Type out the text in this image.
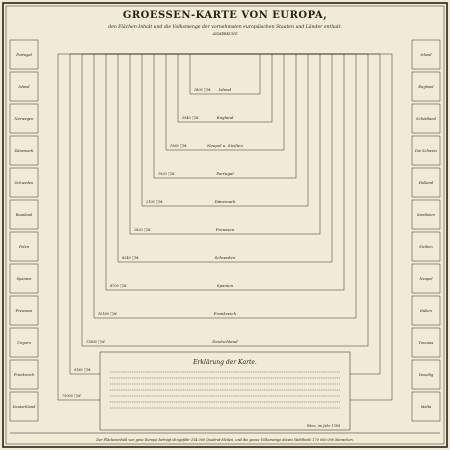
GROESSEN-KARTE VON EUROPA,
den Flächen-Inhalt und die Volksmenge der vornehmsten europäischen Staaten und Länder enthalt.
ANMERKUNG
Island
1800 □M.
England
3940 □M.
Neapel u. Sicilien
1960 □M.
Portugal
1920 □M.
Dänemark
2100 □M.
Preussen
2820 □M.
Schweden
8240 □M.
Spanien
8700 □M.
Frankreich
10160 □M.
Deutschland
11800 □M.
9180 □M.
75000 □M.
Portugal
Island
Norwegen
Dänemark
Schweden
Russland
Polen
Spanien
Preussen
Ungarn
Frankreich
Deutschland
Irland
England
Schottland
Die Schweiz
Holland
Sardinien
Sicilien
Neapel
Italien
Toscana
Venedig
Malta
Erklärung der Karte.
Wien, im Jahr 1789
Der Flächeninhalt von ganz Europa beträgt ohngefähr 154 000 Quadrat-Meilen, und die ganze Volksmenge dieses Welttheils 170 000 000 Menschen.
